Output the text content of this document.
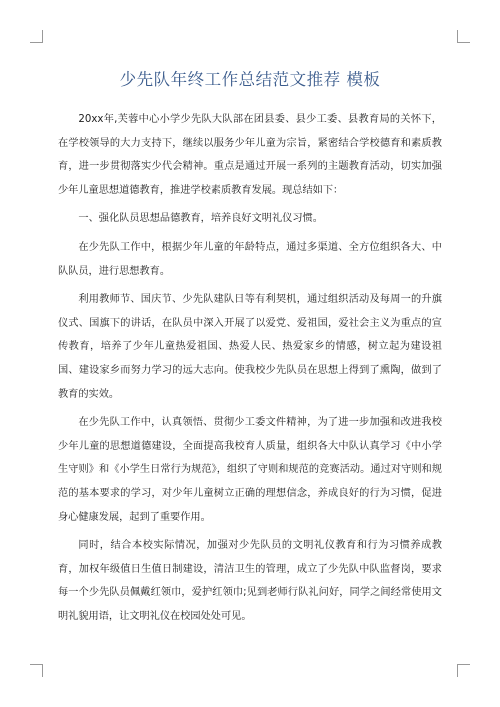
少先队年终工作总结范文推荐 模板

20xx年,芙蓉中心小学少先队大队部在团县委、县少工委、县教育局的关怀下，在学校领导的大力支持下，继续以服务少年儿童为宗旨，紧密结合学校德育和素质教育，进一步贯彻落实少代会精神。重点是通过开展一系列的主题教育活动，切实加强少年儿童思想道德教育，推进学校素质教育发展。现总结如下：

一、强化队员思想品德教育，培养良好文明礼仪习惯。

在少先队工作中，根据少年儿童的年龄特点，通过多渠道、全方位组织各大、中队队员，进行思想教育。

利用教师节、国庆节、少先队建队日等有利契机，通过组织活动及每周一的升旗仪式、国旗下的讲话，在队员中深入开展了以爱党、爱祖国，爱社会主义为重点的宣传教育，培养了少年儿童热爱祖国、热爱人民、热爱家乡的情感，树立起为建设祖国、建设家乡而努力学习的远大志向。使我校少先队员在思想上得到了熏陶，做到了教育的实效。

在少先队工作中，认真领悟、贯彻少工委文件精神，为了进一步加强和改进我校少年儿童的思想道德建设，全面提高我校育人质量，组织各大中队认真学习《中小学生守则》和《小学生日常行为规范》，组织了守则和规范的竞赛活动。通过对守则和规范的基本要求的学习，对少年儿童树立正确的理想信念，养成良好的行为习惯，促进身心健康发展，起到了重要作用。

同时，结合本校实际情况，加强对少先队员的文明礼仪教育和行为习惯养成教育，加权年级值日生值日制建设，清洁卫生的管理，成立了少先队中队监督岗，要求每一个少先队员佩戴红领巾，爱护红领巾;见到老师行队礼问好，同学之间经常使用文明礼貌用语，让文明礼仪在校园处处可见。
